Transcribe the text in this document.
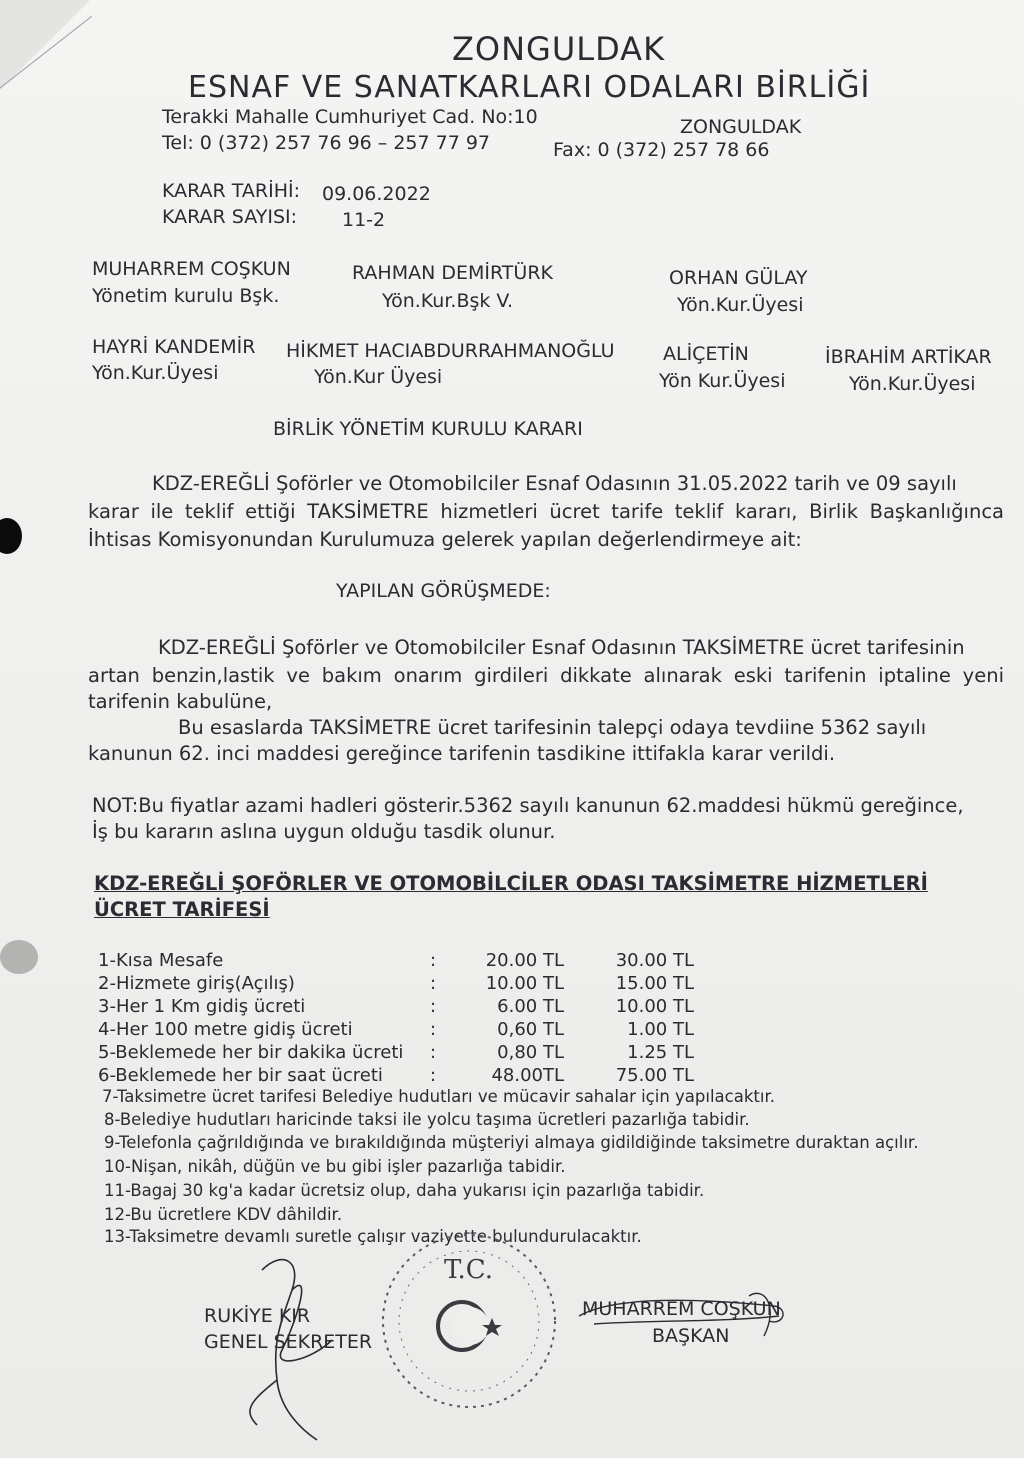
ZONGULDAK
ESNAF VE SANATKARLARI ODALARI BİRLİĞİ
Terakki Mahalle Cumhuriyet Cad. No:10	ZONGULDAK
Tel: 0 (372) 257 76 96 – 257 77 97	Fax: 0 (372) 257 78 66
KARAR TARİHİ: 09.06.2022
KARAR SAYISI: 11-2
MUHARREM COŞKUN
Yönetim kurulu Bşk.
RAHMAN DEMİRTÜRK
Yön.Kur.Bşk V.
ORHAN GÜLAY
Yön.Kur.Üyesi
HAYRİ KANDEMİR
Yön.Kur.Üyesi
HİKMET HACIABDURRAHMANOĞLU
Yön.Kur Üyesi
ALİÇETİN
Yön Kur.Üyesi
İBRAHİM ARTİKAR
Yön.Kur.Üyesi
BİRLİK YÖNETİM KURULU KARARI
KDZ-EREĞLİ Şoförler ve Otomobilciler Esnaf Odasının 31.05.2022 tarih ve 09 sayılı
karar ile teklif ettiği TAKSİMETRE hizmetleri ücret tarife teklif kararı, Birlik Başkanlığınca
İhtisas Komisyonundan Kurulumuza gelerek yapılan değerlendirmeye ait:
YAPILAN GÖRÜŞMEDE:
KDZ-EREĞLİ Şoförler ve Otomobilciler Esnaf Odasının TAKSİMETRE ücret tarifesinin
artan benzin,lastik ve bakım onarım girdileri dikkate alınarak eski tarifenin iptaline yeni
tarifenin kabulüne,
Bu esaslarda TAKSİMETRE ücret tarifesinin talepçi odaya tevdiine 5362 sayılı
kanunun 62. inci maddesi gereğince tarifenin tasdikine ittifakla karar verildi.
NOT:Bu fiyatlar azami hadleri gösterir.5362 sayılı kanunun 62.maddesi hükmü gereğince,
İş bu kararın aslına uygun olduğu tasdik olunur.
KDZ-EREĞLİ ŞOFÖRLER VE OTOMOBİLCİLER ODASI TAKSİMETRE HİZMETLERİ
ÜCRET TARİFESİ
1-Kısa Mesafe	:	20.00 TL	30.00 TL
2-Hizmete giriş(Açılış)	:	10.00 TL	15.00 TL
3-Her 1 Km gidiş ücreti	:	6.00 TL	10.00 TL
4-Her 100 metre gidiş ücreti	:	0,60 TL	1.00 TL
5-Beklemede her bir dakika ücreti :	0,80 TL	1.25 TL
6-Beklemede her bir saat ücreti	:	48.00TL	75.00 TL
7-Taksimetre ücret tarifesi Belediye hudutları ve mücavir sahalar için yapılacaktır.
8-Belediye hudutları haricinde taksi ile yolcu taşıma ücretleri pazarlığa tabidir.
9-Telefonla çağrıldığında ve bırakıldığında müşteriyi almaya gidildiğinde taksimetre duraktan açılır.
10-Nişan, nikâh, düğün ve bu gibi işler pazarlığa tabidir.
11-Bagaj 30 kg'a kadar ücretsiz olup, daha yukarısı için pazarlığa tabidir.
12-Bu ücretlere KDV dâhildir.
13-Taksimetre devamlı suretle çalışır vaziyette bulundurulacaktır.
RUKİYE KIR
GENEL SEKRETER
MUHARREM COŞKUN
BAŞKAN
T.C.
